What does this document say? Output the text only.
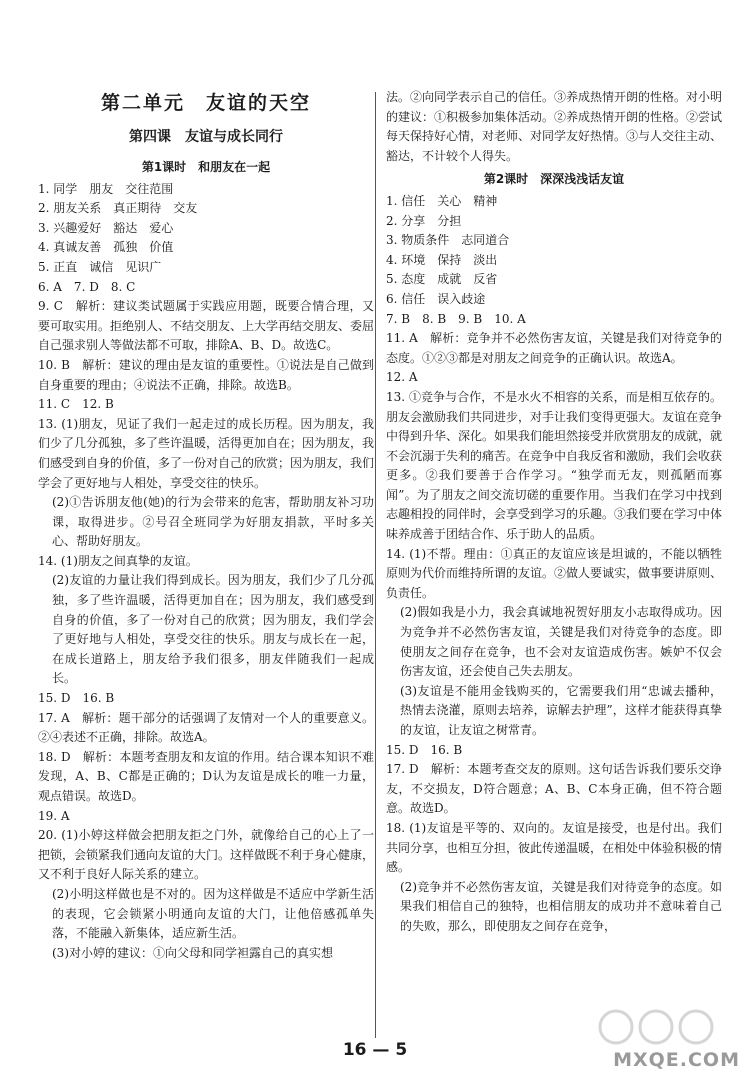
第二单元　友谊的天空
第四课　友谊与成长同行
第1课时　和朋友在一起

1. 同学　朋友　交往范围

2. 朋友关系　真正期待　交友

3. 兴趣爱好　豁达　爱心

4. 真诚友善　孤独　价值

5. 正直　诚信　见识广

6. A　7. D　8. C

9. C　解析：建议类试题属于实践应用题，既要合情合理，又要可取实用。拒绝别人、不结交朋友、上大学再结交朋友、委屈自己强求别人等做法都不可取，排除A、B、D。故选C。

10. B　解析：建议的理由是友谊的重要性。①说法是自己做到自身重要的理由；④说法不正确，排除。故选B。

11. C　12. B

13. (1)朋友，见证了我们一起走过的成长历程。因为朋友，我们少了几分孤独，多了些许温暖，活得更加自在；因为朋友，我们感受到自身的价值，多了一份对自己的欣赏；因为朋友，我们学会了更好地与人相处，享受交往的快乐。

(2)①告诉朋友他(她)的行为会带来的危害，帮助朋友补习功课，取得进步。②号召全班同学为好朋友捐款，平时多关心、帮助好朋友。

14. (1)朋友之间真挚的友谊。

(2)友谊的力量让我们得到成长。因为朋友，我们少了几分孤独，多了些许温暖，活得更加自在；因为朋友，我们感受到自身的价值，多了一份对自己的欣赏；因为朋友，我们学会了更好地与人相处，享受交往的快乐。朋友与成长在一起，在成长道路上，朋友给予我们很多，朋友伴随我们一起成长。

15. D　16. B

17. A　解析：题干部分的话强调了友情对一个人的重要意义。②④表述不正确，排除。故选A。

18. D　解析：本题考查朋友和友谊的作用。结合课本知识不难发现，A、B、C都是正确的；D认为友谊是成长的唯一力量，观点错误。故选D。

19. A

20. (1)小婷这样做会把朋友拒之门外，就像给自己的心上了一把锁，会锁紧我们通向友谊的大门。这样做既不利于身心健康，又不利于良好人际关系的建立。

(2)小明这样做也是不对的。因为这样做是不适应中学新生活的表现，它会锁紧小明通向友谊的大门，让他倍感孤单失落，不能融入新集体，适应新生活。

(3)对小婷的建议：①向父母和同学袒露自己的真实想

法。②向同学表示自己的信任。③养成热情开朗的性格。对小明的建议：①积极参加集体活动。②养成热情开朗的性格。②尝试每天保持好心情，对老师、对同学友好热情。③与人交往主动、豁达，不计较个人得失。

第2课时　深深浅浅话友谊

1. 信任　关心　精神

2. 分享　分担

3. 物质条件　志同道合

4. 环境　保持　淡出

5. 态度　成就　反省

6. 信任　误入歧途

7. B　8. B　9. B　10. A

11. A　解析：竞争并不必然伤害友谊，关键是我们对待竞争的态度。①②③都是对朋友之间竞争的正确认识。故选A。

12. A

13. ①竞争与合作，不是水火不相容的关系，而是相互依存的。朋友会激励我们共同进步，对手让我们变得更强大。友谊在竞争中得到升华、深化。如果我们能坦然接受并欣赏朋友的成就，就不会沉溺于失利的痛苦。在竞争中自我反省和激励，我们会收获更多。②我们要善于合作学习。“独学而无友，则孤陋而寡闻”。为了朋友之间交流切磋的重要作用。当我们在学习中找到志趣相投的同伴时，会享受到学习的乐趣。③我们要在学习中体味养成善于团结合作、乐于助人的品质。

14. (1)不帮。理由：①真正的友谊应该是坦诚的，不能以牺牲原则为代价而维持所谓的友谊。②做人要诚实，做事要讲原则、负责任。

(2)假如我是小力，我会真诚地祝贺好朋友小志取得成功。因为竞争并不必然伤害友谊，关键是我们对待竞争的态度。即使朋友之间存在竞争，也不会对友谊造成伤害。嫉妒不仅会伤害友谊，还会使自己失去朋友。

(3)友谊是不能用金钱购买的，它需要我们用“忠诚去播种，热情去浇灌，原则去培养，谅解去护理”，这样才能获得真挚的友谊，让友谊之树常青。

15. D　16. B

17. D　解析：本题考查交友的原则。这句话告诉我们要乐交诤友，不交损友，D符合题意；A、B、C本身正确，但不符合题意。故选D。

18. (1)友谊是平等的、双向的。友谊是接受，也是付出。我们共同分享，也相互分担，彼此传递温暖，在相处中体验积极的情感。

(2)竞争并不必然伤害友谊，关键是我们对待竞争的态度。如果我们相信自己的独特，也相信朋友的成功并不意味着自己的失败，那么，即使朋友之间存在竞争，

16 — 5	MXQE.COM
